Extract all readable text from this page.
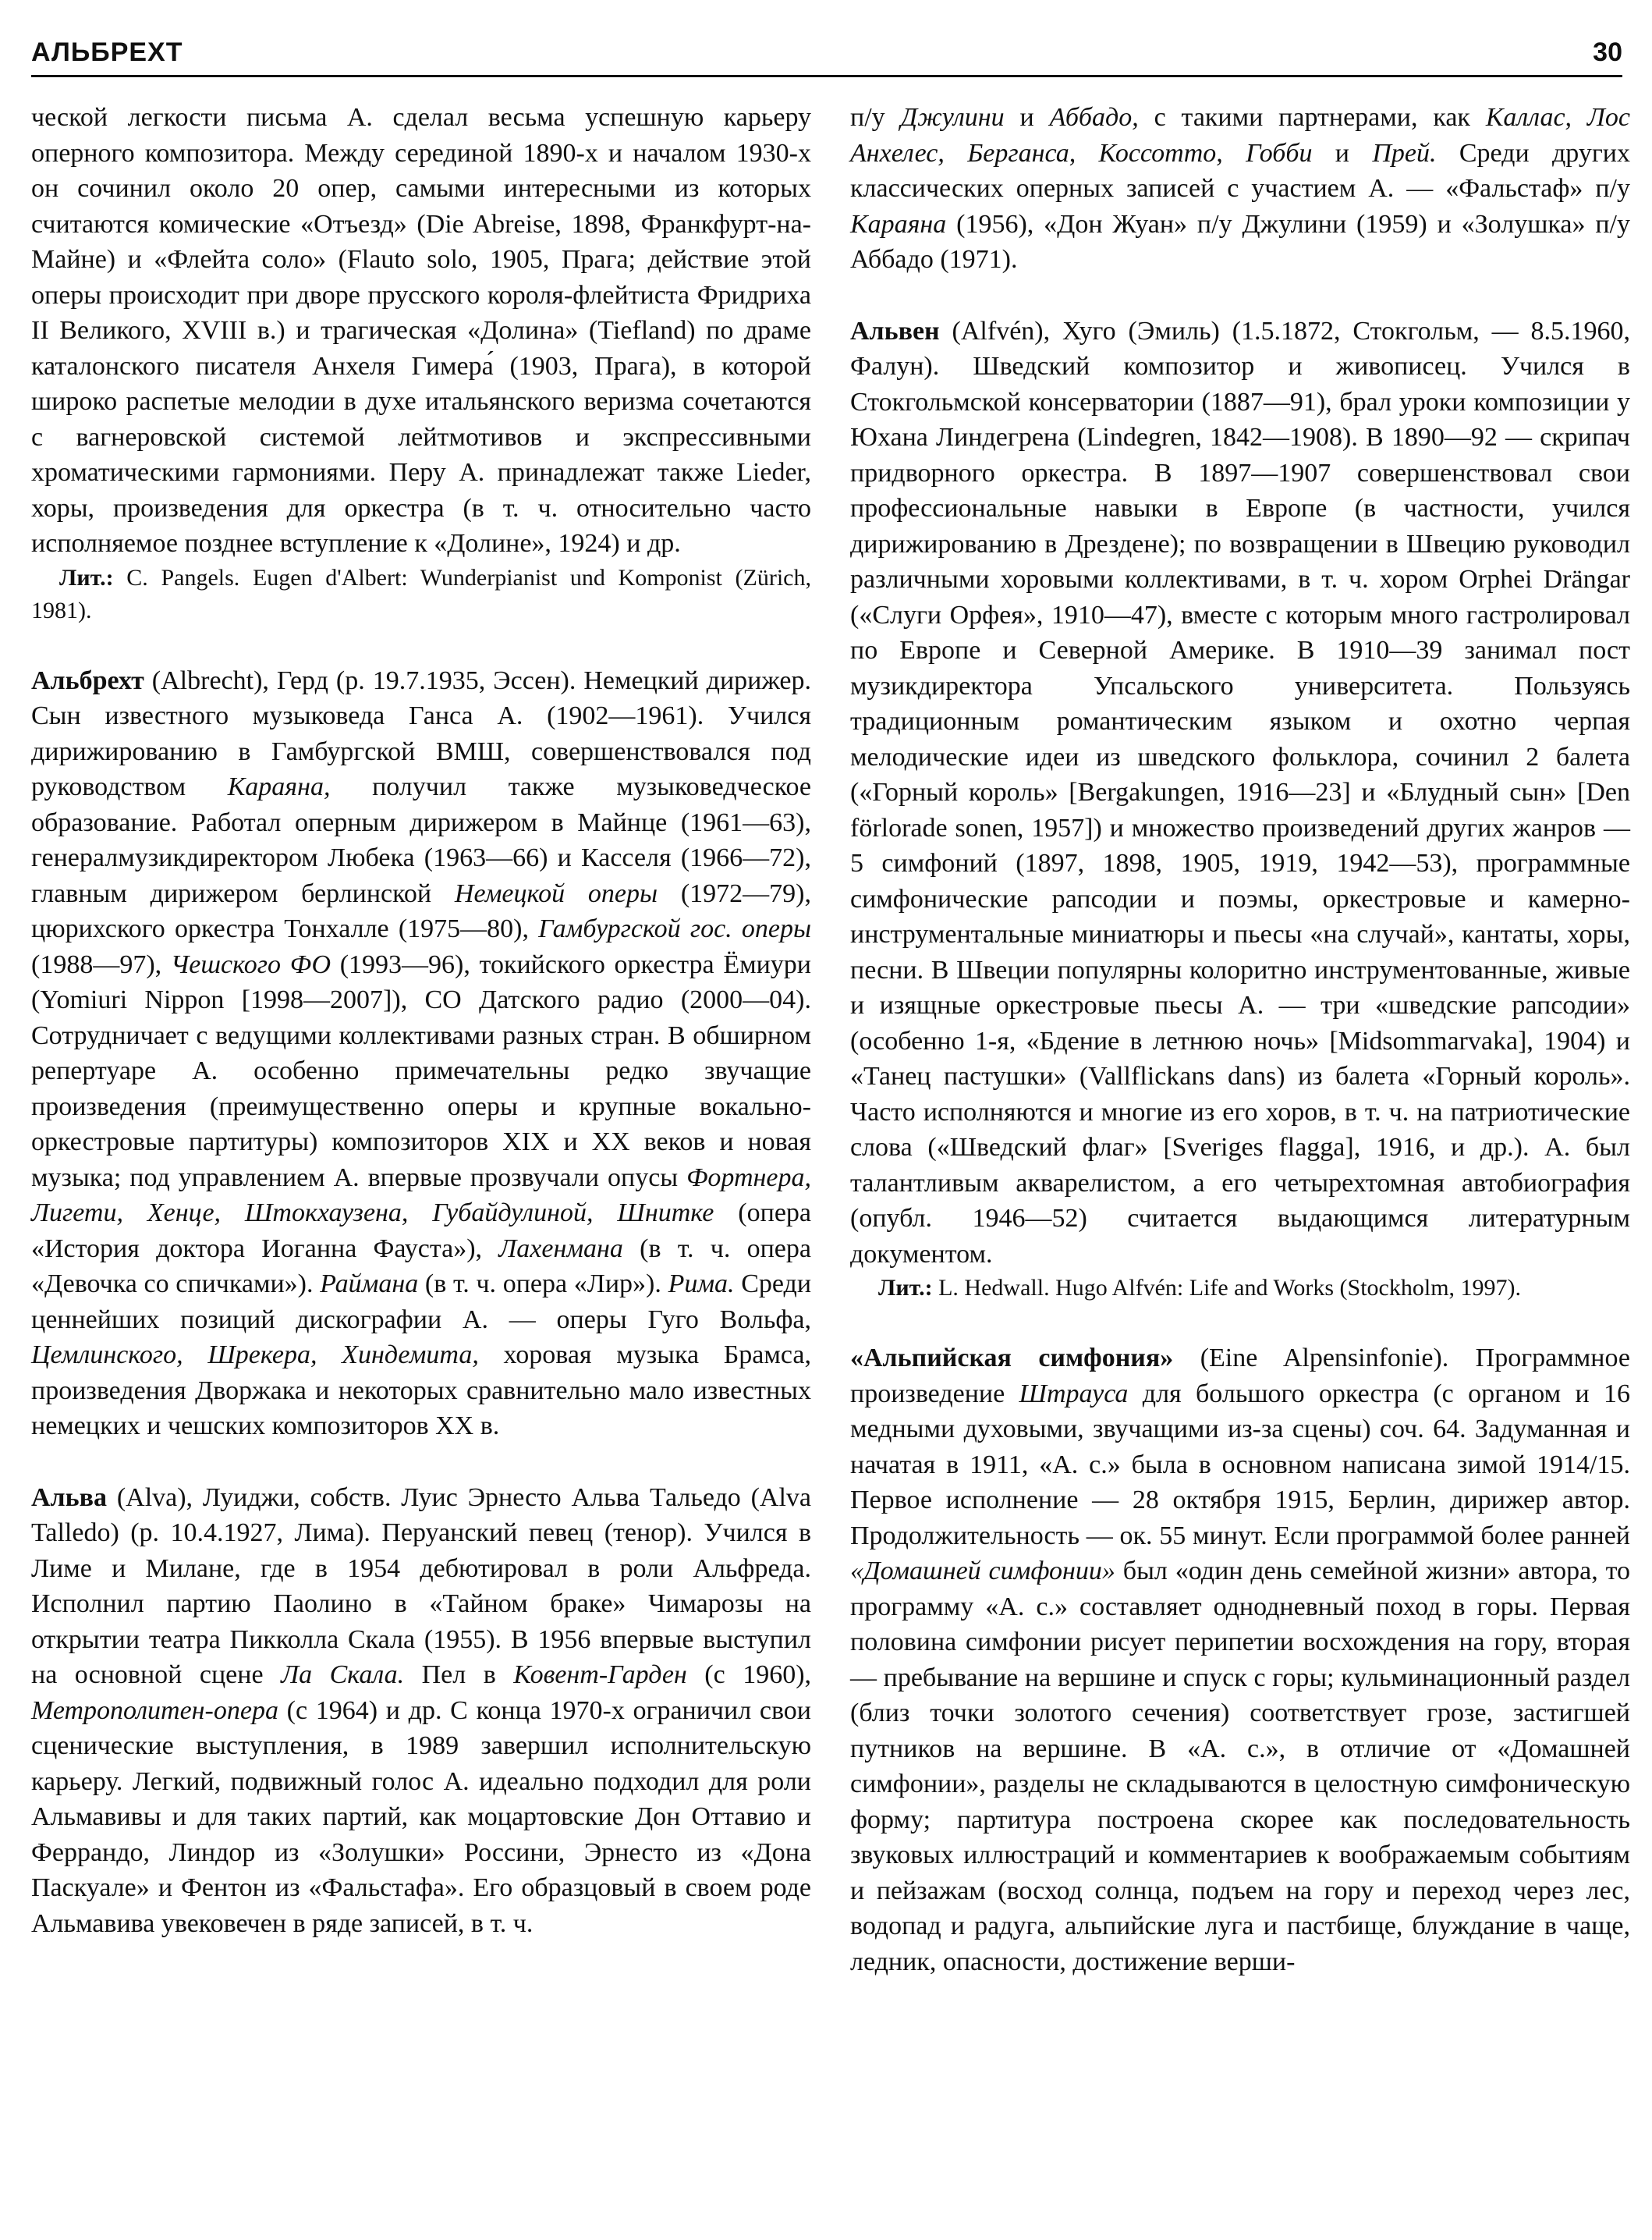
АЛЬБРЕХТ	30

ческой легкости письма А. сделал весьма успешную карьеру оперного композитора. Между серединой 1890-х и началом 1930-х он сочинил около 20 опер, самыми интересными из которых считаются комические «Отъезд» (Die Abreise, 1898, Франкфурт-на-Майне) и «Флейта соло» (Flauto solo, 1905, Прага; действие этой оперы происходит при дворе прусского короля-флейтиста Фридриха II Великого, XVIII в.) и трагическая «Долина» (Tiefland) по драме каталонского писателя Анхеля Гимера́ (1903, Прага), в которой широко распетые мелодии в духе итальянского веризма сочетаются с вагнеровской системой лейтмотивов и экспрессивными хроматическими гармониями. Перу А. принадлежат также Lieder, хоры, произведения для оркестра (в т. ч. относительно часто исполняемое позднее вступление к «Долине», 1924) и др.

Лит.: C. Pangels. Eugen d'Albert: Wunderpianist und Komponist (Zürich, 1981).

Альбрехт (Albrecht), Герд (р. 19.7.1935, Эссен). Немецкий дирижер. Сын известного музыковеда Ганса А. (1902—1961). Учился дирижированию в Гамбургской ВМШ, совершенствовался под руководством Караяна, получил также музыковедческое образование. Работал оперным дирижером в Майнце (1961—63), генералмузикдиректором Любека (1963—66) и Касселя (1966—72), главным дирижером берлинской Немецкой оперы (1972—79), цюрихского оркестра Тонхалле (1975—80), Гамбургской гос. оперы (1988—97), Чешского ФО (1993—96), токийского оркестра Ёмиури (Yomiuri Nippon [1998—2007]), СО Датского радио (2000—04). Сотрудничает с ведущими коллективами разных стран. В обширном репертуаре А. особенно примечательны редко звучащие произведения (преимущественно оперы и крупные вокально-оркестровые партитуры) композиторов XIX и XX веков и новая музыка; под управлением А. впервые прозвучали опусы Фортнера, Лигети, Хенце, Штокхаузена, Губайдулиной, Шнитке (опера «История доктора Иоганна Фауста»), Лахенмана (в т. ч. опера «Девочка со спичками»). Раймана (в т. ч. опера «Лир»). Рима. Среди ценнейших позиций дискографии А. — оперы Гуго Вольфа, Цемлинского, Шрекера, Хиндемита, хоровая музыка Брамса, произведения Дворжака и некоторых сравнительно мало известных немецких и чешских композиторов XX в.

Альва (Alva), Луиджи, собств. Луис Эрнесто Альва Тальедо (Alva Talledo) (р. 10.4.1927, Лима). Перуанский певец (тенор). Учился в Лиме и Милане, где в 1954 дебютировал в роли Альфреда. Исполнил партию Паолино в «Тайном браке» Чимарозы на открытии театра Пикколла Скала (1955). В 1956 впервые выступил на основной сцене Ла Скала. Пел в Ковент-Гарден (с 1960), Метрополитен-опера (с 1964) и др. С конца 1970-х ограничил свои сценические выступления, в 1989 завершил исполнительскую карьеру. Легкий, подвижный голос А. идеально подходил для роли Альмавивы и для таких партий, как моцартовские Дон Оттавио и Феррандо, Линдор из «Золушки» Россини, Эрнесто из «Дона Паскуале» и Фентон из «Фальстафа». Его образцовый в своем роде Альмавива увековечен в ряде записей, в т. ч.

п/у Джулини и Аббадо, с такими партнерами, как Каллас, Лос Анхелес, Берганса, Коссотто, Гобби и Прей. Среди других классических оперных записей с участием А. — «Фальстаф» п/у Караяна (1956), «Дон Жуан» п/у Джулини (1959) и «Золушка» п/у Аббадо (1971).

Альвен (Alfvén), Хуго (Эмиль) (1.5.1872, Стокгольм, — 8.5.1960, Фалун). Шведский композитор и живописец. Учился в Стокгольмской консерватории (1887—91), брал уроки композиции у Юхана Линдегрена (Lindegren, 1842—1908). В 1890—92 — скрипач придворного оркестра. В 1897—1907 совершенствовал свои профессиональные навыки в Европе (в частности, учился дирижированию в Дрездене); по возвращении в Швецию руководил различными хоровыми коллективами, в т. ч. хором Orphei Drängar («Слуги Орфея», 1910—47), вместе с которым много гастролировал по Европе и Северной Америке. В 1910—39 занимал пост музикдиректора Упсальского университета. Пользуясь традиционным романтическим языком и охотно черпая мелодические идеи из шведского фольклора, сочинил 2 балета («Горный король» [Bergakungen, 1916—23] и «Блудный сын» [Den förlorade sonen, 1957]) и множество произведений других жанров — 5 симфоний (1897, 1898, 1905, 1919, 1942—53), программные симфонические рапсодии и поэмы, оркестровые и камерно-инструментальные миниатюры и пьесы «на случай», кантаты, хоры, песни. В Швеции популярны колоритно инструментованные, живые и изящные оркестровые пьесы А. — три «шведские рапсодии» (особенно 1-я, «Бдение в летнюю ночь» [Midsommarvaka], 1904) и «Танец пастушки» (Vallflickans dans) из балета «Горный король». Часто исполняются и многие из его хоров, в т. ч. на патриотические слова («Шведский флаг» [Sveriges flagga], 1916, и др.). А. был талантливым акварелистом, а его четырехтомная автобиография (опубл. 1946—52) считается выдающимся литературным документом.

Лит.: L. Hedwall. Hugo Alfvén: Life and Works (Stockholm, 1997).

«Альпийская симфония» (Eine Alpensinfonie). Программное произведение Штрауса для большого оркестра (с органом и 16 медными духовыми, звучащими из-за сцены) соч. 64. Задуманная и начатая в 1911, «А. с.» была в основном написана зимой 1914/15. Первое исполнение — 28 октября 1915, Берлин, дирижер автор. Продолжительность — ок. 55 минут. Если программой более ранней «Домашней симфонии» был «один день семейной жизни» автора, то программу «А. с.» составляет однодневный поход в горы. Первая половина симфонии рисует перипетии восхождения на гору, вторая — пребывание на вершине и спуск с горы; кульминационный раздел (близ точки золотого сечения) соответствует грозе, застигшей путников на вершине. В «А. с.», в отличие от «Домашней симфонии», разделы не складываются в целостную симфоническую форму; партитура построена скорее как последовательность звуковых иллюстраций и комментариев к воображаемым событиям и пейзажам (восход солнца, подъем на гору и переход через лес, водопад и радуга, альпийские луга и пастбище, блуждание в чаще, ледник, опасности, достижение верши-
